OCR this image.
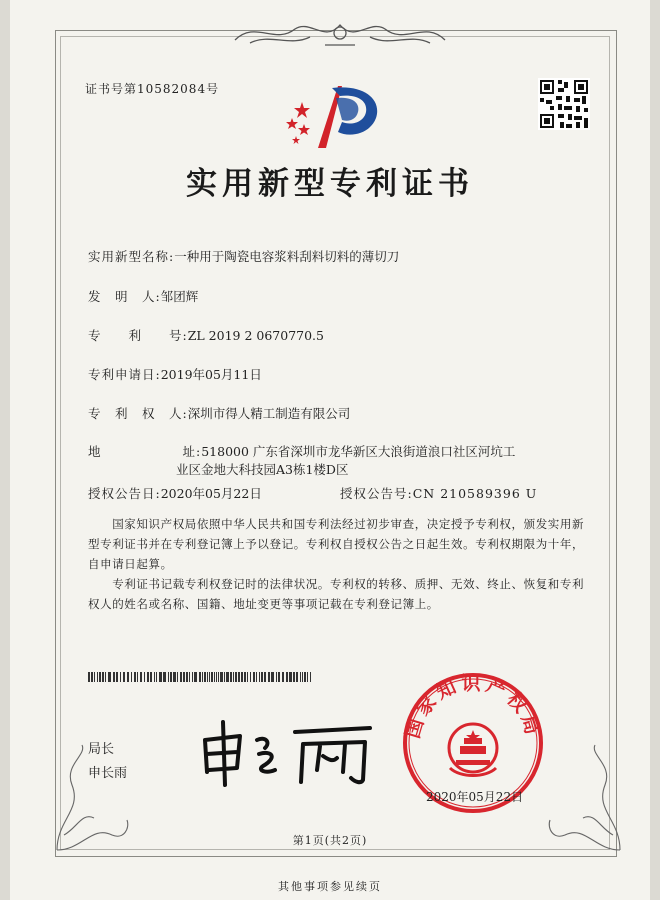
证书号第10582084号
实用新型专利证书
实用新型名称:一种用于陶瓷电容浆料刮料切料的薄切刀
发　明　人:邹团辉
专　　利　　号:ZL 2019 2 0670770.5
专利申请日:2019年05月11日
专　利　权　人:深圳市得人精工制造有限公司
地　　　　　　址:518000 广东省深圳市龙华新区大浪街道浪口社区河坑工
业区金地大科技园A3栋1楼D区
授权公告日:2020年05月22日	授权公告号:CN 210589396 U
　　国家知识产权局依照中华人民共和国专利法经过初步审查，决定授予专利权，颁发实用新型专利证书并在专利登记簿上予以登记。专利权自授权公告之日起生效。专利权期限为十年，自申请日起算。
　　专利证书记载专利权登记时的法律状况。专利权的转移、质押、无效、终止、恢复和专利权人的姓名或名称、国籍、地址变更等事项记载在专利登记簿上。
局长
申长雨
国家知识产权局
2020年05月22日
第1页(共2页)
其他事项参见续页
